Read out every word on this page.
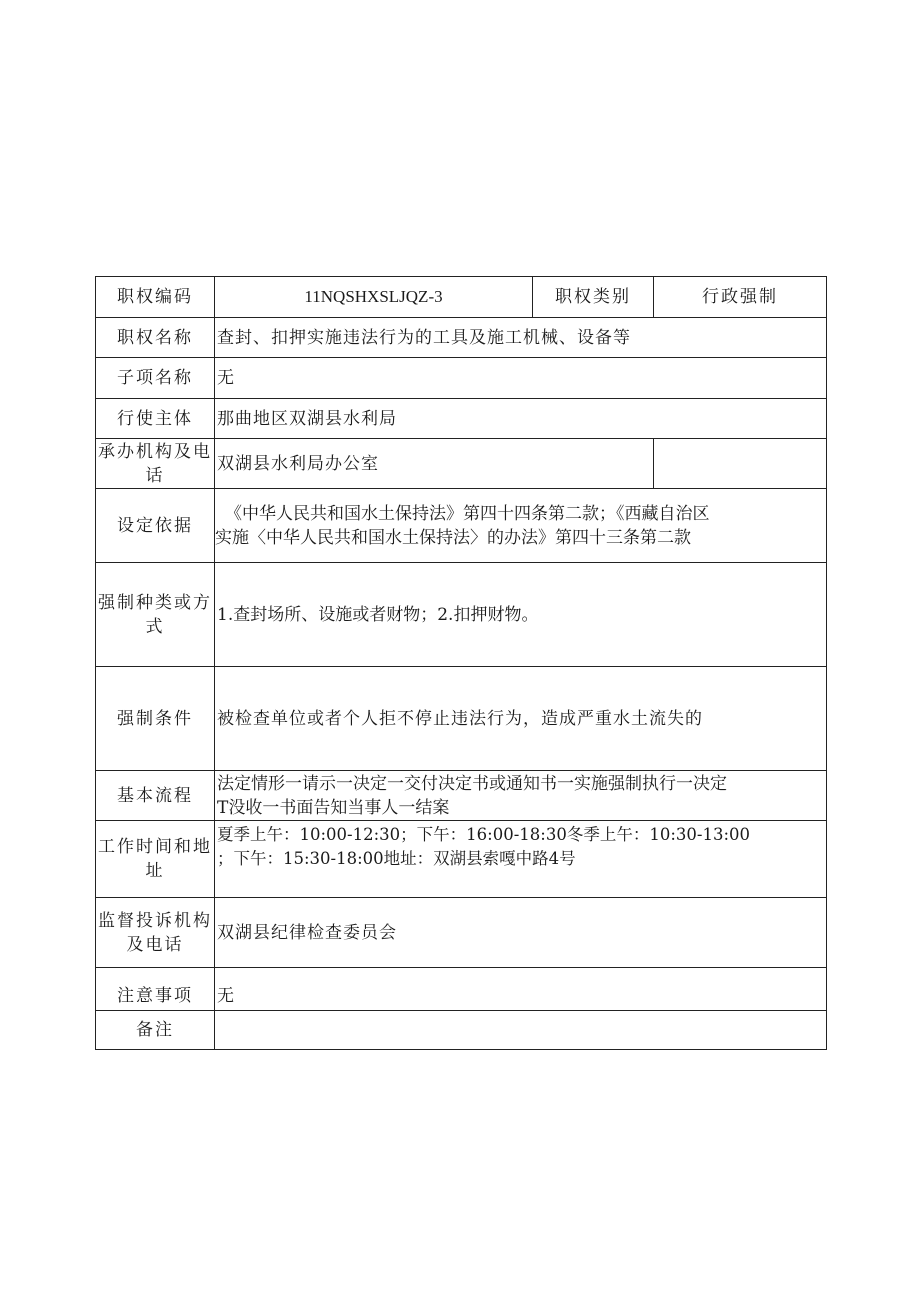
职权编码	11NQSHXSLJQZ-3	职权类别	行政强制
职权名称	查封、扣押实施违法行为的工具及施工机械、设备等		
子项名称	无		
行使主体	那曲地区双湖县水利局		
承办机构及电话	双湖县水利局办公室		
设定依据	《中华人民共和国水土保持法》第四十四条第二款；《西藏自治区
实施〈中华人民共和国水土保持法〉的办法》第四十三条第二款		

强制种类或方式	1.查封场所、设施或者财物；2.扣押财物。		
强制条件	被检查单位或者个人拒不停止违法行为，造成严重水土流失的		
基本流程	法定情形一请示一决定一交付决定书或通知书一实施强制执行一决定
T没收一书面告知当事人一结案		

工作时间和地址	夏季上午：10:00-12:30；下午：16:00-18:30冬季上午：10:30-13:00
；下午：15:30-18:00地址：双湖县索嘎中路4号		

监督投诉机构及电话	双湖县纪律检查委员会		
注意事项	无		
备注			
